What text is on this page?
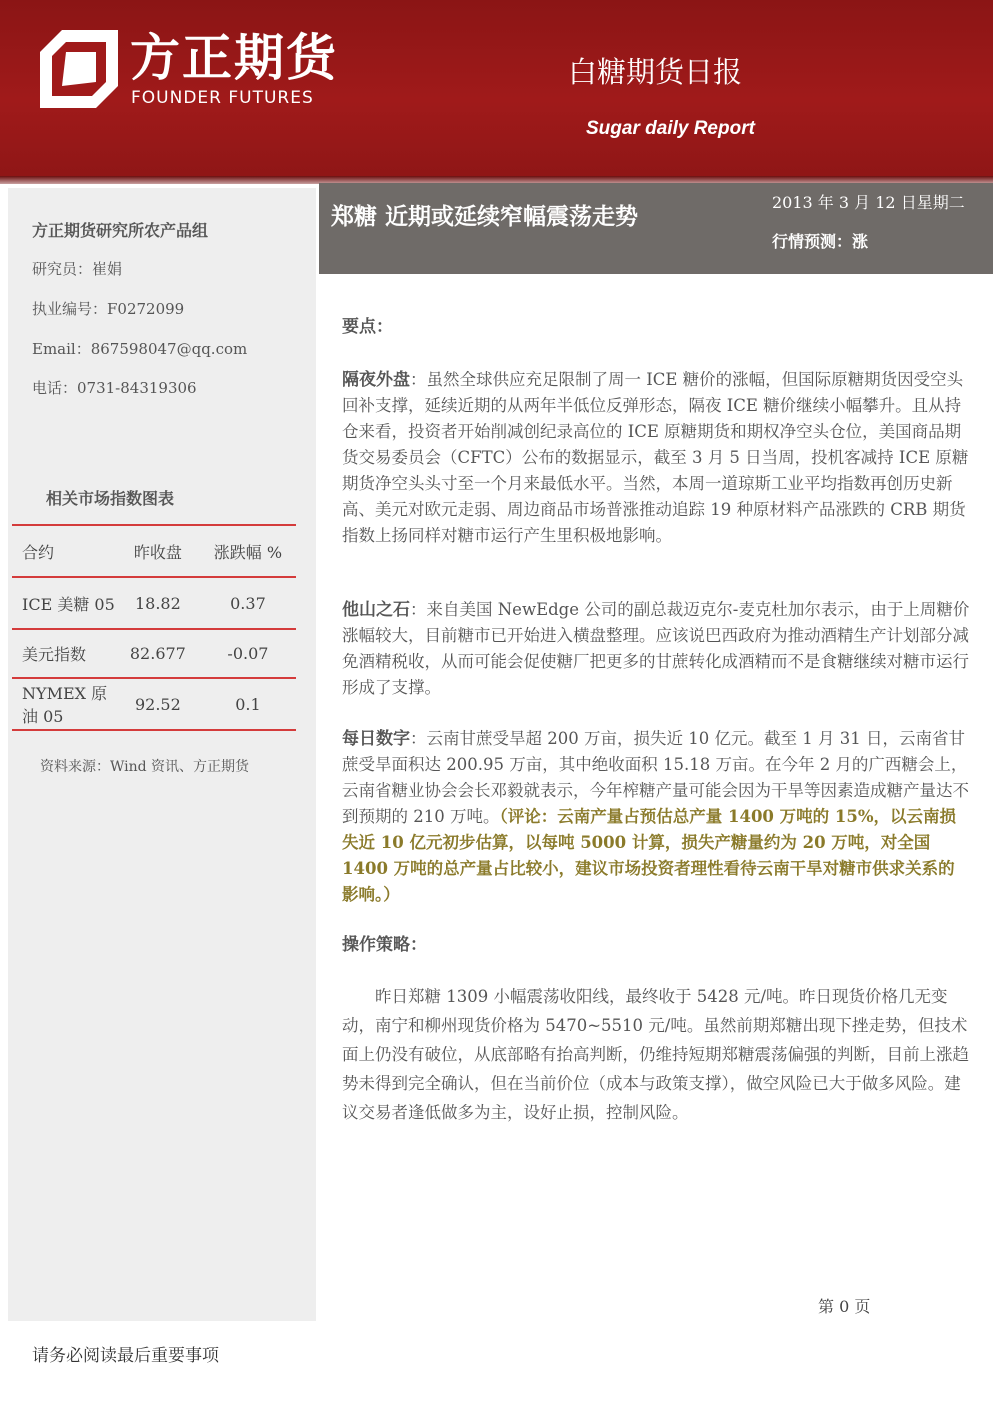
方正期货
FOUNDER FUTURES
白糖期货日报
Sugar daily Report
方正期货研究所农产品组
研究员：崔娟
执业编号：F0272099
Email：867598047@qq.com
电话：0731-84319306
相关市场指数图表
合约	昨收盘	涨跌幅 %
ICE 美糖 05	18.82	0.37
美元指数	82.677	-0.07
NYMEX 原油 05	92.52	0.1
资料来源：Wind 资讯、方正期货
郑糖 近期或延续窄幅震荡走势
2013 年 3 月 12 日星期二
行情预测：涨
要点：
隔夜外盘：虽然全球供应充足限制了周一 ICE 糖价的涨幅，但国际原糖期货因受空头回补支撑，延续近期的从两年半低位反弹形态，隔夜 ICE 糖价继续小幅攀升。且从持仓来看，投资者开始削减创纪录高位的 ICE 原糖期货和期权净空头仓位，美国商品期货交易委员会（CFTC）公布的数据显示，截至 3 月 5 日当周，投机客减持 ICE 原糖期货净空头头寸至一个月来最低水平。当然，本周一道琼斯工业平均指数再创历史新高、美元对欧元走弱、周边商品市场普涨推动追踪 19 种原材料产品涨跌的 CRB 期货指数上扬同样对糖市运行产生里积极地影响。
他山之石：来自美国 NewEdge 公司的副总裁迈克尔-麦克杜加尔表示，由于上周糖价涨幅较大，目前糖市已开始进入横盘整理。应该说巴西政府为推动酒精生产计划部分减免酒精税收，从而可能会促使糖厂把更多的甘蔗转化成酒精而不是食糖继续对糖市运行形成了支撑。
每日数字：云南甘蔗受旱超 200 万亩，损失近 10 亿元。截至 1 月 31 日，云南省甘蔗受旱面积达 200.95 万亩，其中绝收面积 15.18 万亩。在今年 2 月的广西糖会上，云南省糖业协会会长邓毅就表示，今年榨糖产量可能会因为干旱等因素造成糖产量达不到预期的 210 万吨。（评论：云南产量占预估总产量 1400 万吨的 15%，以云南损失近 10 亿元初步估算，以每吨 5000 计算，损失产糖量约为 20 万吨，对全国 1400 万吨的总产量占比较小，建议市场投资者理性看待云南干旱对糖市供求关系的影响。）
操作策略：
昨日郑糖 1309 小幅震荡收阳线，最终收于 5428 元/吨。昨日现货价格几无变动，南宁和柳州现货价格为 5470~5510 元/吨。虽然前期郑糖出现下挫走势，但技术面上仍没有破位，从底部略有抬高判断，仍维持短期郑糖震荡偏强的判断，目前上涨趋势未得到完全确认，但在当前价位（成本与政策支撑），做空风险已大于做多风险。建议交易者逢低做多为主，设好止损，控制风险。
第 0 页
请务必阅读最后重要事项
